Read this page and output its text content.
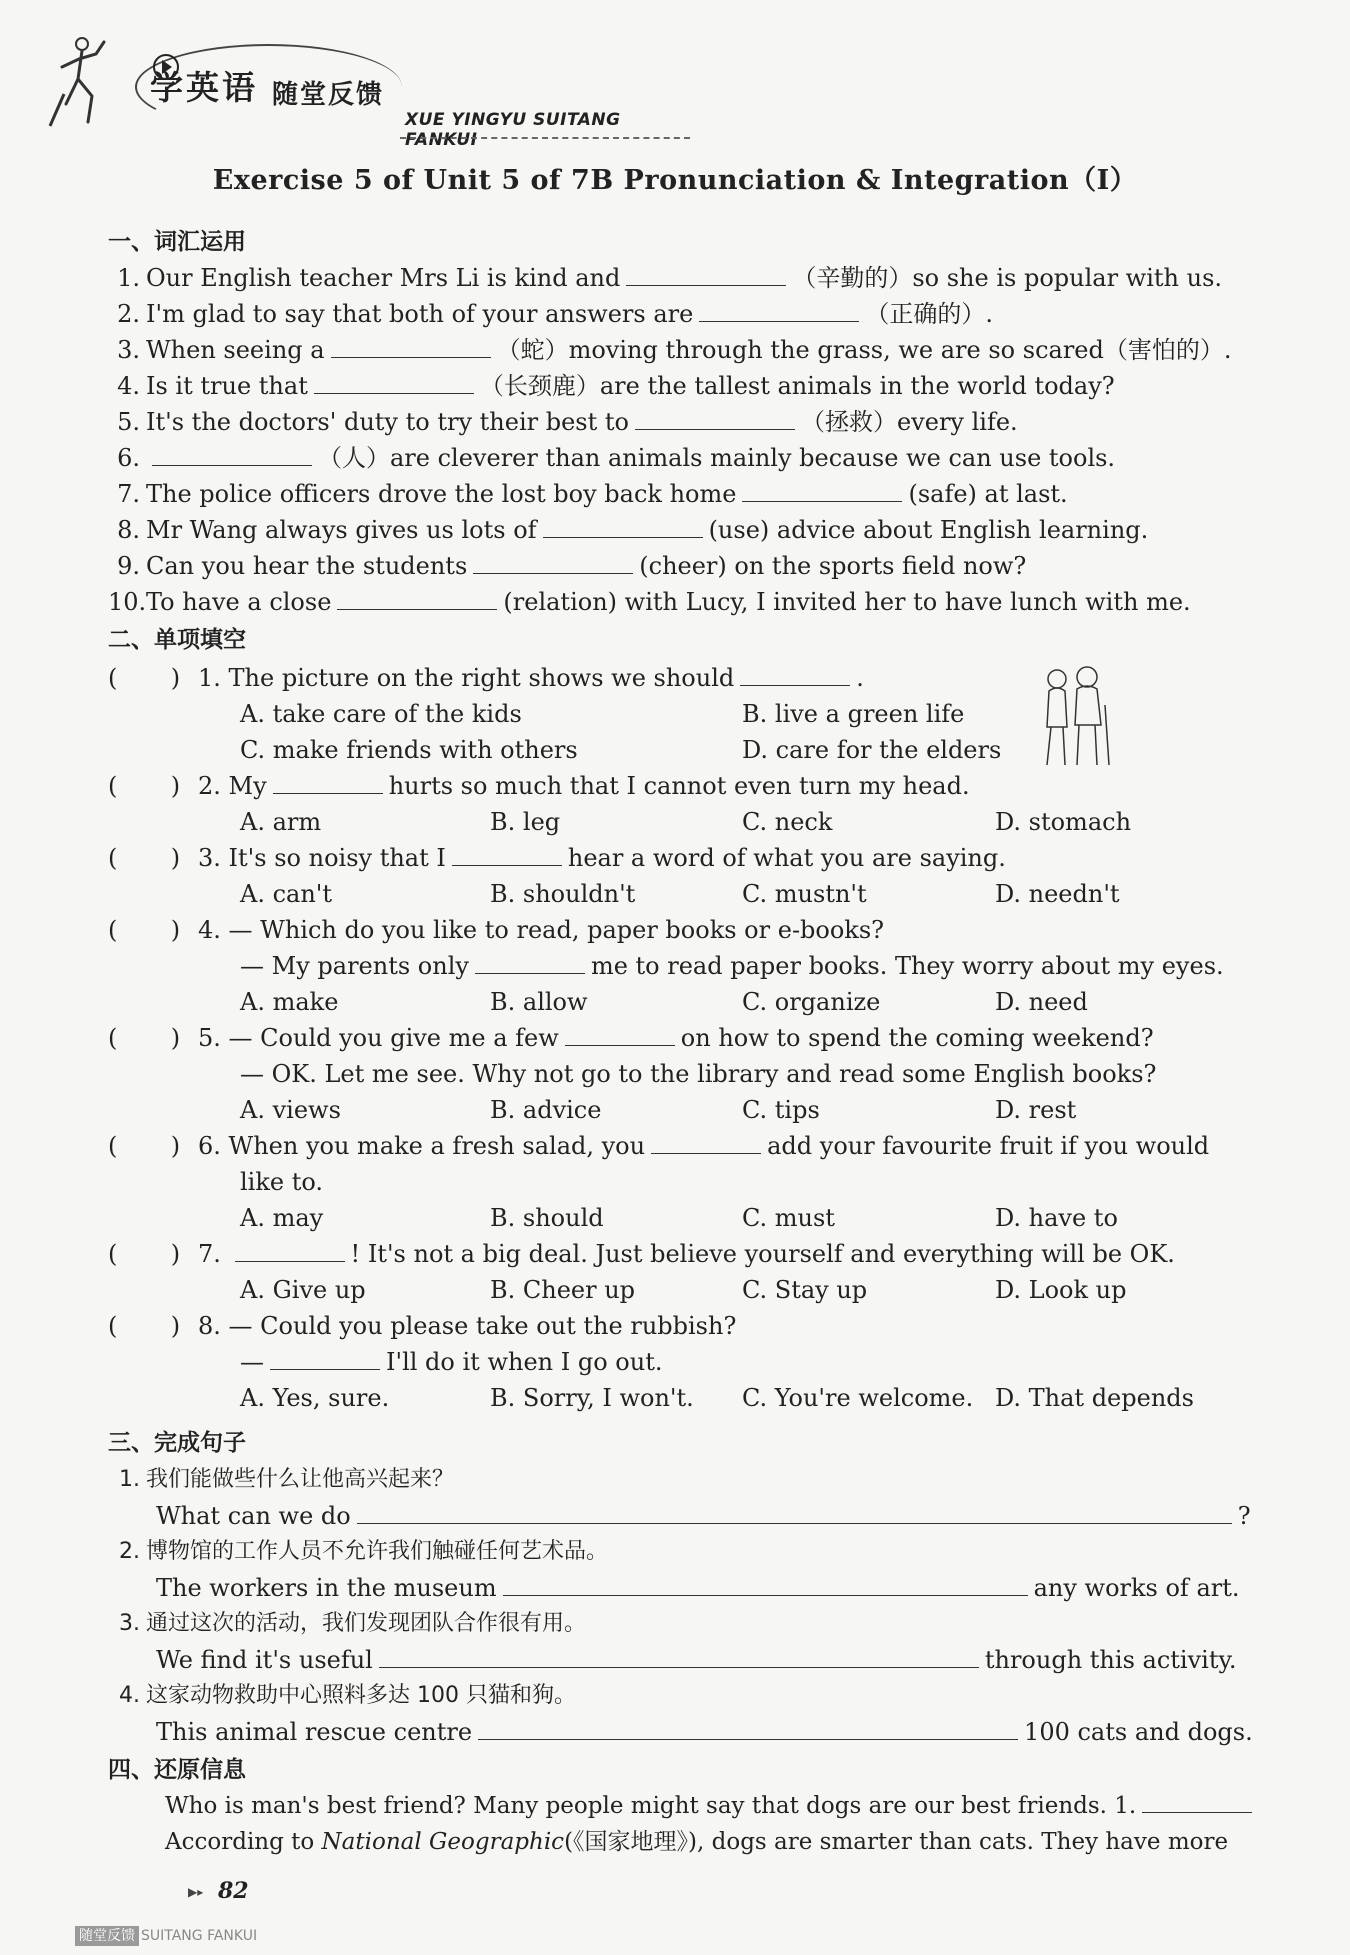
学英语 随堂反馈
XUE YINGYU SUITANG FANKUI
Exercise 5 of Unit 5 of 7B Pronunciation & Integration（Ⅰ）
一、词汇运用
1. Our English teacher Mrs Li is kind and	（辛勤的）so she is popular with us.
2. I'm glad to say that both of your answers are	（正确的）.
3. When seeing a	（蛇）moving through the grass, we are so scared（害怕的）.
4. Is it true that	（长颈鹿）are the tallest animals in the world today?
5. It's the doctors' duty to try their best to	（拯救）every life.
6.	（人）are cleverer than animals mainly because we can use tools.
7. The police officers drove the lost boy back home	(safe) at last.
8. Mr Wang always gives us lots of	(use) advice about English learning.
9. Can you hear the students	(cheer) on the sports field now?
10.To have a close	(relation) with Lucy, I invited her to have lunch with me.
二、单项填空
(       ) 1. The picture on the right shows we should	.
A. take care of the kids	B. live a green life
C. make friends with others	D. care for the elders
(       ) 2. My	hurts so much that I cannot even turn my head.
A. arm	B. leg	C. neck	D. stomach
(       ) 3. It's so noisy that I	hear a word of what you are saying.
A. can't	B. shouldn't	C. mustn't	D. needn't
(       ) 4. — Which do you like to read, paper books or e-books?
— My parents only	me to read paper books. They worry about my eyes.
A. make	B. allow	C. organize	D. need
(       ) 5. — Could you give me a few	on how to spend the coming weekend?
— OK. Let me see. Why not go to the library and read some English books?
A. views	B. advice	C. tips	D. rest
(       ) 6. When you make a fresh salad, you	add your favourite fruit if you would
like to.
A. may	B. should	C. must	D. have to
(       ) 7.	! It's not a big deal. Just believe yourself and everything will be OK.
A. Give up	B. Cheer up	C. Stay up	D. Look up
(       ) 8. — Could you please take out the rubbish?
—	I'll do it when I go out.
A. Yes, sure.	B. Sorry, I won't. C. You're welcome. D. That depends
三、完成句子
1. 我们能做些什么让他高兴起来？
What can we do	?
2. 博物馆的工作人员不允许我们触碰任何艺术品。
The workers in the museum	any works of art.
3. 通过这次的活动，我们发现团队合作很有用。
We find it's useful	through this activity.
4. 这家动物救助中心照料多达 100 只猫和狗。
This animal rescue centre	100 cats and dogs.
四、还原信息
Who is man's best friend? Many people might say that dogs are our best friends. 1.
According to National Geographic(《国家地理》), dogs are smarter than cats. They have more
▶▸ 82
随堂反馈 SUITANG FANKUI
